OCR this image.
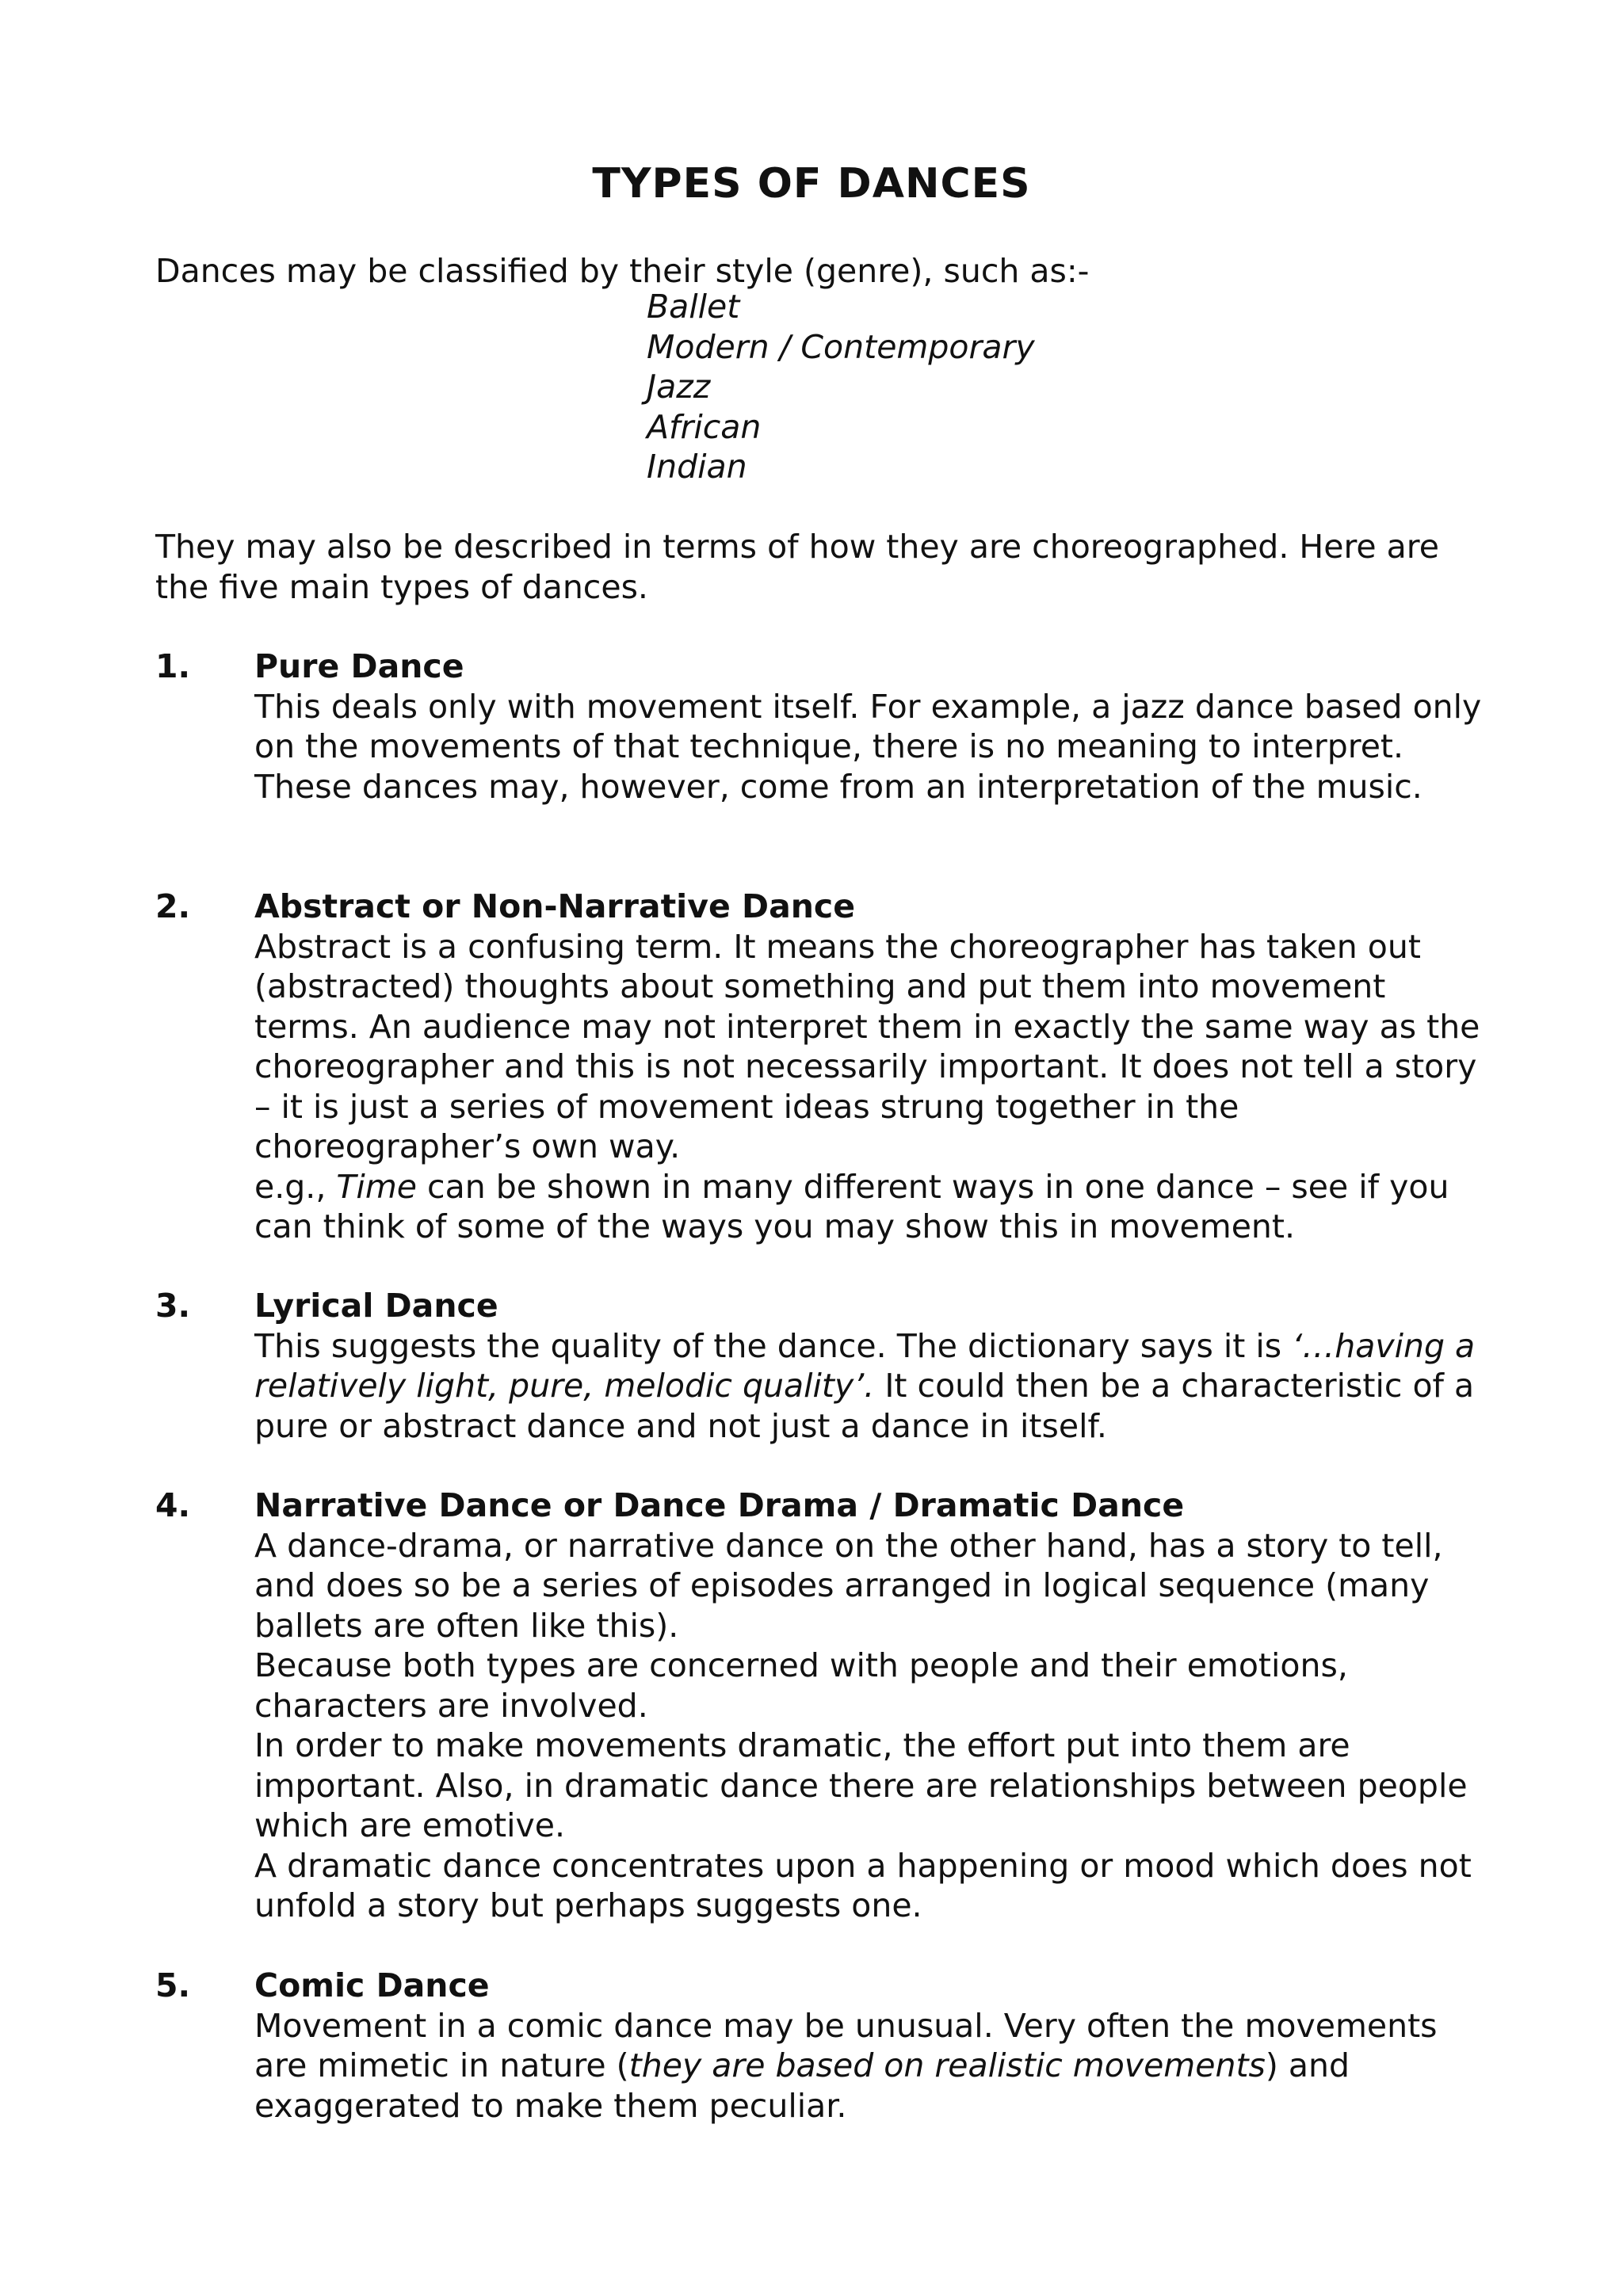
TYPES OF DANCES

Dances may be classified by their style (genre), such as:-

Ballet
Modern / Contemporary
Jazz
African
Indian

They may also be described in terms of how they are choreographed. Here are the five main types of dances.

1. Pure Dance

This deals only with movement itself. For example, a jazz dance based only on the movements of that technique, there is no meaning to interpret. These dances may, however, come from an interpretation of the music.

2. Abstract or Non-Narrative Dance

Abstract is a confusing term. It means the choreographer has taken out (abstracted) thoughts about something and put them into movement terms. An audience may not interpret them in exactly the same way as the choreographer and this is not necessarily important. It does not tell a story – it is just a series of movement ideas strung together in the choreographer’s own way.

e.g., Time can be shown in many different ways in one dance – see if you can think of some of the ways you may show this in movement.

3. Lyrical Dance

This suggests the quality of the dance. The dictionary says it is ‘…having a relatively light, pure, melodic quality’. It could then be a characteristic of a pure or abstract dance and not just a dance in itself.

4. Narrative Dance or Dance Drama / Dramatic Dance

A dance-drama, or narrative dance on the other hand, has a story to tell, and does so be a series of episodes arranged in logical sequence (many ballets are often like this).

Because both types are concerned with people and their emotions, characters are involved.

In order to make movements dramatic, the effort put into them are important. Also, in dramatic dance there are relationships between people which are emotive.

A dramatic dance concentrates upon a happening or mood which does not unfold a story but perhaps suggests one.

5. Comic Dance

Movement in a comic dance may be unusual. Very often the movements are mimetic in nature (they are based on realistic movements) and exaggerated to make them peculiar.
